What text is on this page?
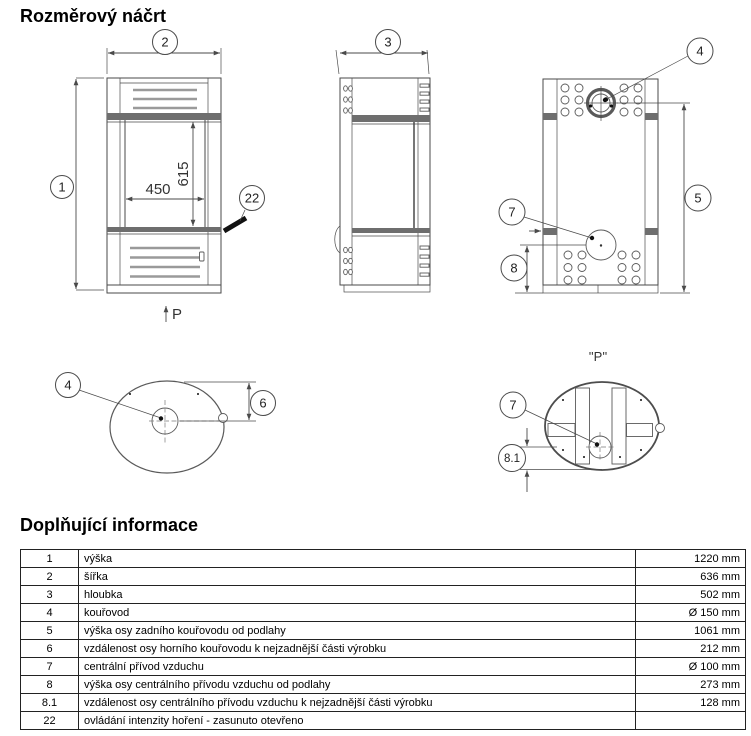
Rozměrový náčrt
1
2
615
450	22
P
3
4
5
7
8
4
6
''P''
7
8.1
Doplňující informace
1	výška	1220 mm
2	šířka	636 mm
3	hloubka	502 mm
4	kouřovod	Ø 150 mm
5	výška osy zadního kouřovodu od podlahy	1061 mm
6	vzdálenost osy horního kouřovodu k nejzadnější části výrobku	212 mm
7	centrální přívod vzduchu	Ø 100 mm
8	výška osy centrálního přívodu vzduchu od podlahy	273 mm
8.1	vzdálenost osy centrálního přívodu vzduchu k nejzadnější části výrobku	128 mm
22	ovládání intenzity hoření - zasunuto otevřeno	
